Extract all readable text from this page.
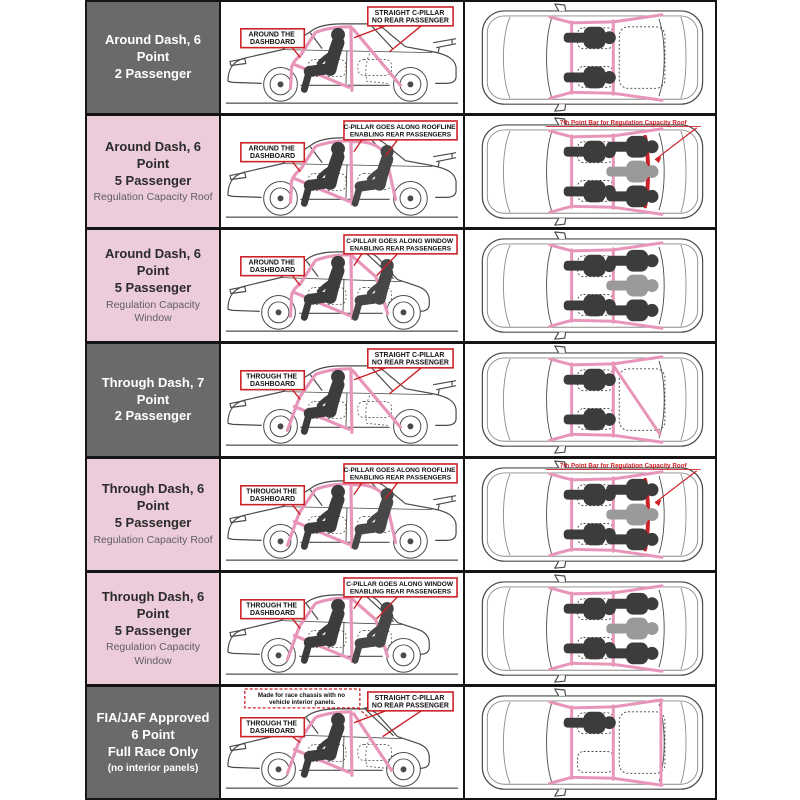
Around Dash, 6 Point
2 Passenger
AROUND THE DASHBOARD
STRAIGHT C-PILLAR NO REAR PASSENGER
Around Dash, 6 Point
5 Passenger
Regulation Capacity Roof
AROUND THE DASHBOARD
C-PILLAR GOES ALONG ROOFLINE ENABLING REAR PASSENGERS
7th Point Bar for Regulation Capacity Roof
Around Dash, 6 Point
5 Passenger
Regulation Capacity Window
AROUND THE DASHBOARD
C-PILLAR GOES ALONG WINDOW ENABLING REAR PASSENGERS
Through Dash, 7 Point
2 Passenger
THROUGH THE DASHBOARD
STRAIGHT C-PILLAR NO REAR PASSENGER
Through Dash, 6 Point
5 Passenger
Regulation Capacity Roof
THROUGH THE DASHBOARD
C-PILLAR GOES ALONG ROOFLINE ENABLING REAR PASSENGERS
7th Point Bar for Regulation Capacity Roof
Through Dash, 6 Point
5 Passenger
Regulation Capacity Window
THROUGH THE DASHBOARD
C-PILLAR GOES ALONG WINDOW ENABLING REAR PASSENGERS
FIA/JAF Approved
6 Point
Full Race Only
(no interior panels)
THROUGH THE DASHBOARD
STRAIGHT C-PILLAR NO REAR PASSENGER
Made for race chassis with no vehicle interior panels.
